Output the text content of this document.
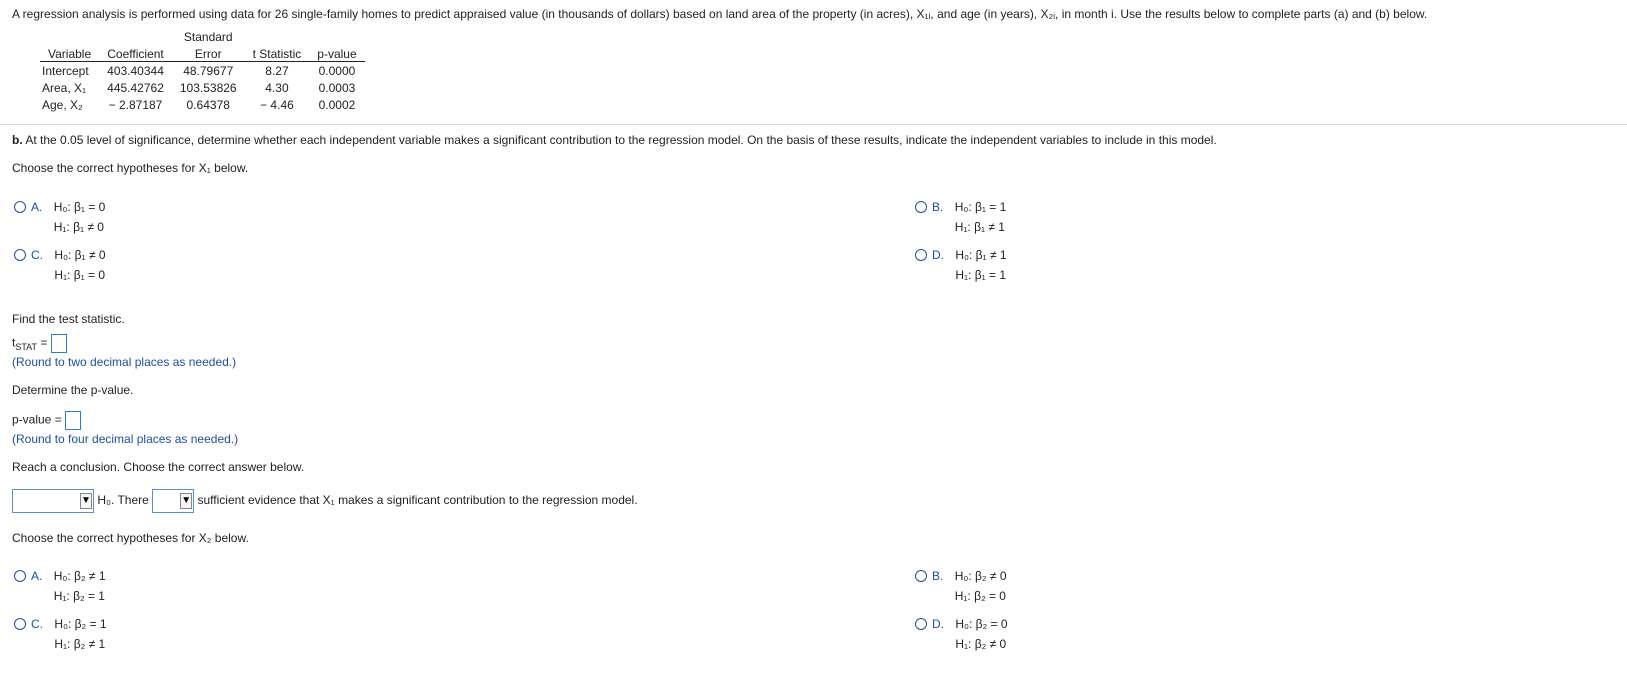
A regression analysis is performed using data for 26 single-family homes to predict appraised value (in thousands of dollars) based on land area of the property (in acres), X₁ᵢ, and age (in years), X₂ᵢ, in month i. Use the results below to complete parts (a) and (b) below.
		Standard		
Variable	Coefficient	Error	t Statistic	p-value
Intercept	403.40344	48.79677	8.27	0.0000
Area, X₁	445.42762	103.53826	4.30	0.0003
Age, X₂	− 2.87187	0.64378	− 4.46	0.0002
b. At the 0.05 level of significance, determine whether each independent variable makes a significant contribution to the regression model. On the basis of these results, indicate the independent variables to include in this model.
Choose the correct hypotheses for X₁ below.
A. H₀: β₁ = 0
H₁: β₁ ≠ 0
B. H₀: β₁ = 1
H₁: β₁ ≠ 1
C. H₀: β₁ ≠ 0
H₁: β₁ = 0
D. H₀: β₁ ≠ 1
H₁: β₁ = 1
Find the test statistic.
$t_{STAT}$ =
(Round to two decimal places as needed.)
Determine the p-value.
p-value =
(Round to four decimal places as needed.)
Reach a conclusion. Choose the correct answer below.
▼ H₀. There	▼ sufficient evidence that X₁ makes a significant contribution to the regression model.
Choose the correct hypotheses for X₂ below.
A. H₀: β₂ ≠ 1
H₁: β₂ = 1
B. H₀: β₂ ≠ 0
H₁: β₂ = 0
C. H₀: β₂ = 1
H₁: β₂ ≠ 1
D. H₀: β₂ = 0
H₁: β₂ ≠ 0
